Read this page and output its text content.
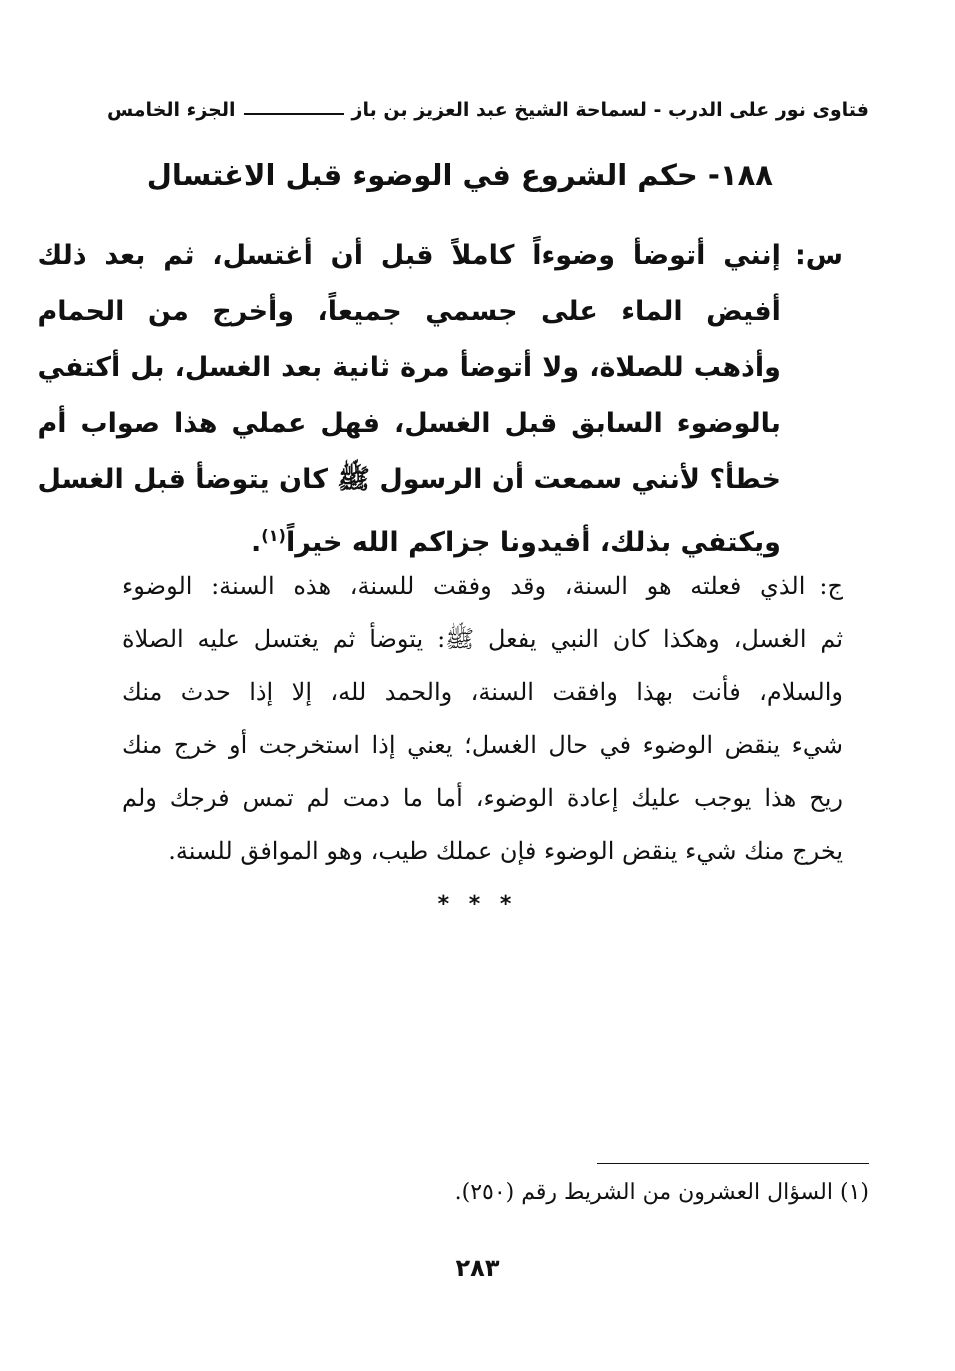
فتاوى نور على الدرب - لسماحة الشيخ عبد العزيز بن باز
الجزء الخامس
١٨٨- حكم الشروع في الوضوء قبل الاغتسال
س:
إنني أتوضأ وضوءاً كاملاً قبل أن أغتسل، ثم بعد ذلك
أفيض الماء على جسمي جميعاً، وأخرج من الحمام
وأذهب للصلاة، ولا أتوضأ مرة ثانية بعد الغسل، بل أكتفي
بالوضوء السابق قبل الغسل، فهل عملي هذا صواب أم
خطأ؟ لأنني سمعت أن الرسول ﷺ كان يتوضأ قبل الغسل
ويكتفي بذلك، أفيدونا جزاكم الله خيراً$^{(١)}$.
ج:
الذي فعلته هو السنة، وقد وفقت للسنة، هذه السنة: الوضوء
ثم الغسل، وهكذا كان النبي يفعل ﷺ: يتوضأ ثم يغتسل عليه الصلاة
والسلام، فأنت بهذا وافقت السنة، والحمد لله، إلا إذا حدث منك
شيء ينقض الوضوء في حال الغسل؛ يعني إذا استخرجت أو خرج منك
ريح هذا يوجب عليك إعادة الوضوء، أما ما دمت لم تمس فرجك ولم
يخرج منك شيء ينقض الوضوء فإن عملك طيب، وهو الموافق للسنة.
* * *
(١) السؤال العشرون من الشريط رقم (٢٥٠).
٢٨٣
